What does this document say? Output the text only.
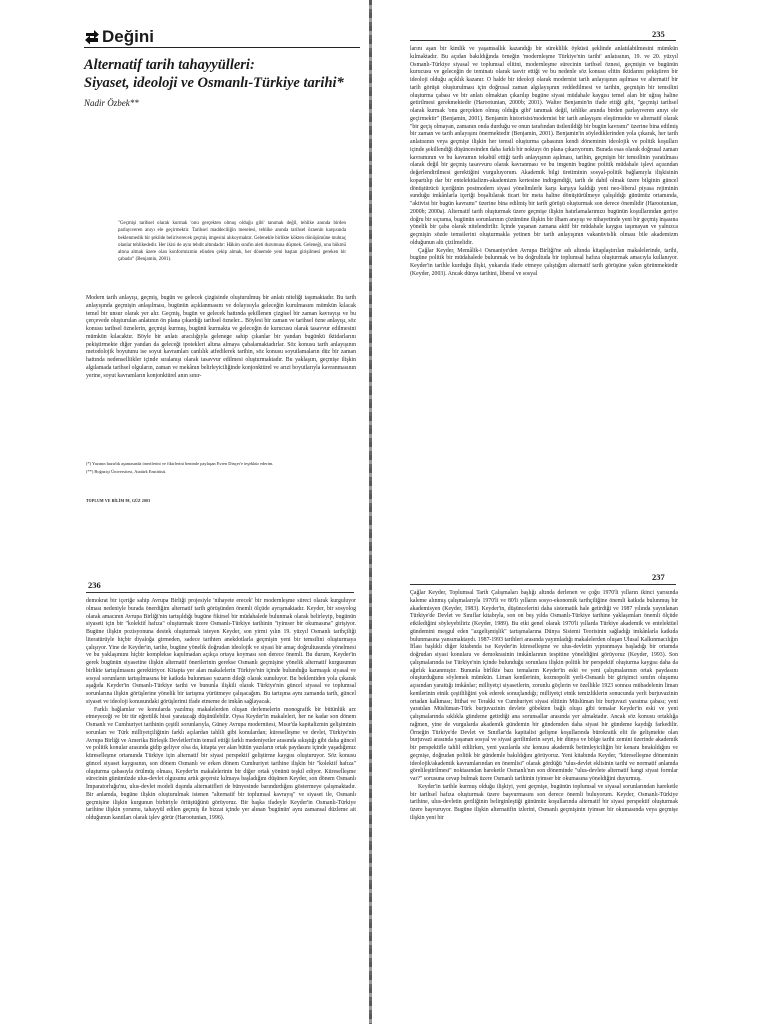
Değini
Alternatif tarih tahayyülleri:
Siyaset, ideoloji ve Osmanlı-Türkiye tarihi*
Nadir Özbek**
"Geçmişi tarihsel olarak kurmak 'onu gerçekten olmuş olduğu gibi' tanımak değil, tehlike anında birden parlayıveren anıyı ele geçirmektir. Tarihsel maddeciliğin meselesi, tehlike anında tarihsel öznenin karşısında beklenmedik bir şekilde beliriverecek geçmiş imgesini alıkoymaktır. Gelenekle birlikte kökten dönüşümüne muhtaç olanlar tehlikededir. Her ikisi de aynı tehdit altındadır: Hâkim sınıfın aleti durumuna düşmek. Geleneği, onu hükmü altına almak üzere olan konformizmin elinden çekip almak, her dönemde yeni baştan girişilmesi gereken bir çabadır" (Benjamin, 2001).
Modern tarih anlayışı, geçmiş, bugün ve gelecek çizgisinde oluşturulmuş bir anlatı niteliği taşımaktadır. Bu tarih anlayışında geçmişin anlaşılması, bugünün açıklanmasını ve dolayısıyla geleceğin kurulmasını mümkün kılacak temel bir unsur olarak yer alır. Geçmiş, bugün ve gelecek hattında şekillenen çizgisel bir zaman kavrayışı ve bu çerçevede oluşturulan anlatının ön plana çıkardığı tarihsel özneler... Böylesi bir zaman ve tarihsel özne anlayışı, söz konusu tarihsel öznelerin, geçmişi kurmuş, bugünü kurmakta ve geleceğin de kurucusu olarak tasavvur edilmesini mümkün kılacaktır. Böyle bir anlatı aracılığıyla gelenege sahip çıkanlar bir yandan bugünkü iktidarlarını pekiştirmekte diğer yandan da geleceği ipotekleri altına almaya çabalamaktadırlar. Söz konusu tarih anlayışının metodolojik boyutunu ise soyut kavramları canlılık atfedilerek tarihin, söz konusu soyutlamaların düz bir zaman hattında nedenselliikler içinde sıralanışı olarak tasavvur edilmesi oluşturmaktadır. Bu yaklaşım, geçmişe ilişkin algılamada tarihsel olguların, zaman ve mekânın belirleyiciliğinde konjonktürel ve arızi boyutlarıyla kavranmasının yerine, soyut kavramların konjonktürel anın sınır-
(*) Yazının hazırlık aşamasında önerilerini ve fikirlerini benimle paylaşan Evren Dinçer'e teşekkür ederim.
(**) Boğaziçi Üniversitesi, Atatürk Enstitüsü.
TOPLUM VE BİLİM 98, GÜZ 2003
235

larını aşan bir kimlik ve yaşamsallık kazandığı bir süreklilik öyküsü şeklinde anlatılabilmesini mümkün kılmaktadır. Bu açıdan bakıldığında örneğin 'modernleşme Türkiye'nin tarihi' anlatısının, 19. ve 20. yüzyıl Osmanlı-Türkiye siyasal ve toplumsal elitini, modernleşme sürecinin tarihsel öznesi, geçmişin ve bugünün kurucusu ve geleceğin de teminatı olarak tasvir ettiği ve bu nedenle söz konusu elitin iktidarını pekiştiren bir ideoloji olduğu açıklık kazanır. O halde bir ideoloji olarak modernist tarih anlayışının aşılması ve alternatif bir tarih görüşü oluşturulması için doğrusal zaman algılayışının reddedilmesi ve tarihin, geçmişin bir temsilini oluşturma çabası ve bir anlatı olmaktan çıkarılıp bugüne siyasi müdahale kaygısı temel alan bir uğraş haline getirilmesi gerekmektedir (Harootunian, 2000b; 2001). Walter Benjamin'in ifade ettiği gibi, "geçmişi tarihsel olarak kurmak 'onu gerçekten olmuş olduğu gibi' tanımak değil, tehlike anında birden parlayıveren anıyı ele geçirmektir" (Benjamin, 2001). Benjamin historisist/modernist bir tarih anlayışını eleştirmekte ve alternatif olarak "bir geçiş olmayan, zamanın onda durduğu ve onun tarafından üstlenildiği bir bugün kavramı" üzerine bina edilmiş bir zaman ve tarih anlayışını önermektedir (Benjamin, 2001). Benjamin'in söylediklerinden yola çıkarak, her tarih anlatısının veya geçmişe ilişkin her temsil oluşturma çabasının kendi döneminin ideolojik ve politik koşulları içinde şekillendiği düşüncesinden daha farklı bir noktayı ön plana çıkarıyorum. Burada esas olarak doğrusal zaman kavramının ve bu kavramın tekabül ettiği tarih anlayışının aşılması, tarihin, geçmişin bir temsilinin yaratılması olarak değil bir geçmiş tasavvuru olarak kavranması ve bu imgenin bugüne politik müdahale işlevi açısından değerlendirilmesi gerektiğini vurguluyorum. Akademik bilgi üretiminin sosyal-politik bağlamıyla ilişkisinin kopartılıp dar bir entelektüalizm-akademizm kertesine indirgendiği, tarih de dahil olmak üzere bilginin güncel dönüştürücü içeriğinin postmodern siyasi yönelimlerle karşı karşıya kaldığı yeni neo-liberal piyasa rejiminin sunduğu imkânlarla içeriği boşaltılarak ticari bir meta haline dönüştürülmeye çalışıldığı günümüz ortamında, "aktivist bir bugün kavramı" üzerine bina edilmiş bir tarih görüşü oluşturmak son derece önemlidir (Harootunian, 2000b; 2000a). Alternatif tarih oluşturmak üzere geçmişe ilişkin hatırlamalarımızı bugünün koşullarından geriye doğru bir sıçrama, bugünün sorunlarının çözümüne ilişkin bir ilham arayışı ve nihayetinde yeni bir geçmiş inşasına yönelik bir çaba olarak nitelendirilir. İçinde yaşanan zamana aktif bir müdahale kaygısı taşımayan ve yalnızca geçmişin sözde temsilerini oluşturmakla yetinen bir tarih anlayışının vakanüvislik olması bile akademizm olduğunun altı çizilmelidir.

Çağlar Keyder, Memâlik-i Osmaniye'den Avrupa Birliği'ne adı altında kitaplaştırılan makalelerinde, tarihi, bugüne politik bir müdahalede bulunmak ve bu doğrultuda bir toplumsal hafıza oluşturmak amacıyla kullanıyor. Keyder'in tarihle kurduğu ilişki, yukarıda ifade etmeye çalıştığım alternatif tarih görüşüne yakın görünmektedir (Keyder, 2003). Ancak dünya tarihini, liberal ve sosyal

236

demokrat bir içeriğe sahip Avrupa Birliği projesiyle 'nihayete erecek' bir modernleşme süreci olarak kurguluyor olması nedeniyle burada önerdiğim alternatif tarih görüşünden önemli ölçüde ayrışmaktadır. Keyder, bir sosyolog olarak amacının Avrupa Birliği'nin tartışıldığı bugüne fikirsel bir müdahalede bulunmak olarak belirleyip, bugünün siyaseti için bir "kolektif hafıza" oluşturmak üzere Osmanlı-Türkiye tarihinin "iyimser bir okumasına" girişiyor. Bugüne ilişkin pozisyonuna destek oluşturmak isteyen Keyder, son yirmi yılın 19. yüzyıl Osmanlı tarihçiliği literatürüyle hiçbir diyaloğa girmeden, sadece tarihten anekdotlarla geçmişin yeni bir temsilini oluşturmaya çalışıyor. Yine de Keyder'in, tarihe, bugüne yönelik doğrudan ideolojik ve siyasi bir amaç doğrultusunda yönelmesi ve bu yaklaşımını hiçbir komplekse kapılmadan açıkça ortaya koyması son derece önemli. Bu durum, Keyder'in gerek bugünün siyasetine ilişkin alternatif önerilerinin gerekse Osmanlı geçmişine yönelik alternatif kurgusunun birlikte tartışılmasını gerektiriyor. Kitapta yer alan makalelerin Türkiye'nin içinde bulunduğu karmaşık siyasal ve sosyal sorunların tartışılmasına bir katkıda bulunması yazarın dileği olarak sunuluyor. Bu beklentiden yola çıkarak aşağıda Keyder'in Osmanlı-Türkiye tarihi ve bununla ilişkili olarak Türkiye'nin güncel siyasal ve toplumsal sorunlarına ilişkin görüşlerine yönelik bir tartışma yürütmeye çalışacağım. Bu tartışma aynı zamanda tarih, güncel siyaset ve ideoloji konusundaki görüşlerimi ifade etmeme de imkân sağlayacak.

Farklı bağlamlar ve konularda yazılmış makalelerden oluşan derlemelerin monografik bir bütünlük arz etmeyeceği ve bir tür eğretilik hissi yaratacağı düşünülebilir. Oysa Keyder'in makaleleri, her ne kadar son dönem Osmanlı ve Cumhuriyet tarihinin çeşitli sorunlarıyla, Güney Avrupa modernitesi, Mısır'da kapitalizmin gelişiminin sorunları ve Türk milliyetçiliğinin farklı açılardan tahlili gibi konulardan; küreselleşme ve devlet, Türkiye'nin Avrupa Birliği ve Amerika Birleşik Devletleri'nin temsil ettiği farklı medeniyetler arasında sıkıştığı gibi daha güncel ve politik konular arasında gidip geliyor olsa da, kitapta yer alan bütün yazıların ortak paydasını içinde yaşadığımız küreselleşme ortamında Türkiye için alternatif bir siyasi perspektif geliştirme kaygısı oluşturuyor. Söz konusu güncel siyaset kaygısının, son dönem Osmanlı ve erken dönem Cumhuriyet tarihine ilişkin bir "kolektif hafıza" oluşturma çabasıyla örülmüş olması, Keyder'in makalelerinin bir diğer ortak yönünü teşkil ediyor. Küreselleşme sürecinin günümüzde ulus-devlet olgusunu artık geçersiz kılmaya başladığını düşünen Keyder, son dönem Osmanlı İmparatorluğu'nu, ulus-devlet modeli dışında alternatifleri de bünyesinde barındırdığını göstermeye çalışmaktadır. Bir anlamda, bugüne ilişkin oluşturulmak istenen "alternatif bir toplumsal kavrayış" ve siyaset ile, Osmanlı geçmişine ilişkin kurgunun birbiriyle örtüştüğünü görüyoruz. Bir başka ifadeyle Keyder'in Osmanlı-Türkiye tarihine ilişkin yorumu, tahayyül edilen geçmiş ile bizzat içinde yer alınan 'bugünün' aynı zamansal düzleme ait olduğunun kanıtları olarak işlev görür (Harootunian, 1996).

237

Çağlar Keyder, Toplumsal Tarih Çalışmaları başlığı altında derlenen ve çoğu 1970'li yılların ikinci yarısında kaleme alınmış çalışmalarıyla 1970'li ve 80'li yılların sosyo-ekonomik tarihçiliğine önemli katkıda bulunmuş bir akademisyen (Keyder, 1983). Keyder'in, düşüncelerini daha sistematik hale getirdiği ve 1987 yılında yayınlanan Türkiye'de Devlet ve Sınıflar kitabıyla, son on beş yılda Osmanlı-Türkiye tarihine yaklaşımları önemli ölçüde etkilediğini söyleyebiliriz (Keyder, 1989). Bu etki genel olarak 1970'li yıllarda Türkiye akademik ve entelektüel gündemini meşgul eden "azgelişmişlik" tartışmalarına Dünya Sistemi Teorisinin sağladığı imkânlarla katkıda bulunmasına yansımaktaydı. 1987-1993 tarihleri arasında yayımladığı makalelerden oluşan Ulusal Kalkınmacılığın İflası başlıklı diğer kitabında ise Keyder'in küreselleşme ve ulus-devletin yıpranmaya başladığı bir ortamda doğrudan siyasi konulara ve demokrasinin imkânlarının tespitine yöneldiğini görüyoruz (Keyder, 1993). Son çalışmalarında ise Türkiye'nin içinde bulunduğu sorunlara ilişkin politik bir perspektif oluşturma kaygısı daha da ağırlık kazanmıştır. Bununla birlikte bazı temaların Keyder'in eski ve yeni çalışmalarının ortak paydasını oluşturduğunu söylemek mümkün. Liman kentlerinin, kozmopolit yerli-Osmanlı bir girişimci sınıfın oluşumu açısından yarattığı imkânlar; milliyetçi siyasetlerin, zorunlu göçlerin ve özellikle 1923 sonrası mübadelenin liman kentlerinin etnik çeşitliliğini yok ederek sonuçlandığı; milliyetçi etnik temizliklerin sonucunda yerli burjuvazinin ortadan kalkması; İttihat ve Terakki ve Cumhuriyet siyasi elitinin Müslüman bir burjuvazi yaratma çabası; yeni yaratılan Müslüman-Türk burjuvazinin devlete göbekten bağlı oluşu gibi temalar Keyder'in eski ve yeni çalışmalarında sıklıkla gündeme getirdiği ana sorunsallar arasında yer almaktadır. Ancak söz konusu ortaklığa rağmen, yine de vurgularda akademik gündemin bir gündemden daha siyasi bir gündeme kaydığı farkedilir. Örneğin Türkiye'de Devlet ve Sınıflar'da kapitalist gelişme koşullarında bürokratik elit ile gelişmekte olan burjuvazi arasında yaşanan sosyal ve siyasi gerilimlerin seyri, bir dünya ve bölge tarihi zemini üzerinde akademik bir perspektifle tahlil edilirken, yeni yazılarda söz konusu akademik betimleyiciliğin bir kenara bırakıldığını ve geçmişe, doğrudan politik bir gündemle bakıldığını görüyoruz. Yeni kitabında Keyder, "küreselleşme döneminin ideolojik/akademik kavramlarından en önemlisi" olarak gördüğü "ulus-devlet eklisinin tarihi ve normatif anlamda görelileştirilmesi" noktasından hareketle Osmanlı'nın son döneminde "ulus-devlete alternatif hangi siyasi formlar var?" sorusuna cevap bulmak üzere Osmanlı tarihinin iyimser bir okumasına yöneldiğini duyurmuş.

Keyder'in tarihle kurmuş olduğu ilişkiyi, yeni geçmişe, bugünün toplumsal ve siyasal sorunlarından hareketle bir tarihsel hafıza oluşturmak üzere başvurmasını son derece önemli buluyorum. Keyder, Osmanlı-Türkiye tarihine, ulus-devletin geriliğinin belirginleştiği günümüz koşullarında alternatif bir siyasi perspektif oluşturmak üzere başvuruyor. Bugüne ilişkin alternatifin izlerini, Osmanlı geçmişinin iyimser bir okumasında veya geçmişe ilişkin yeni bir
